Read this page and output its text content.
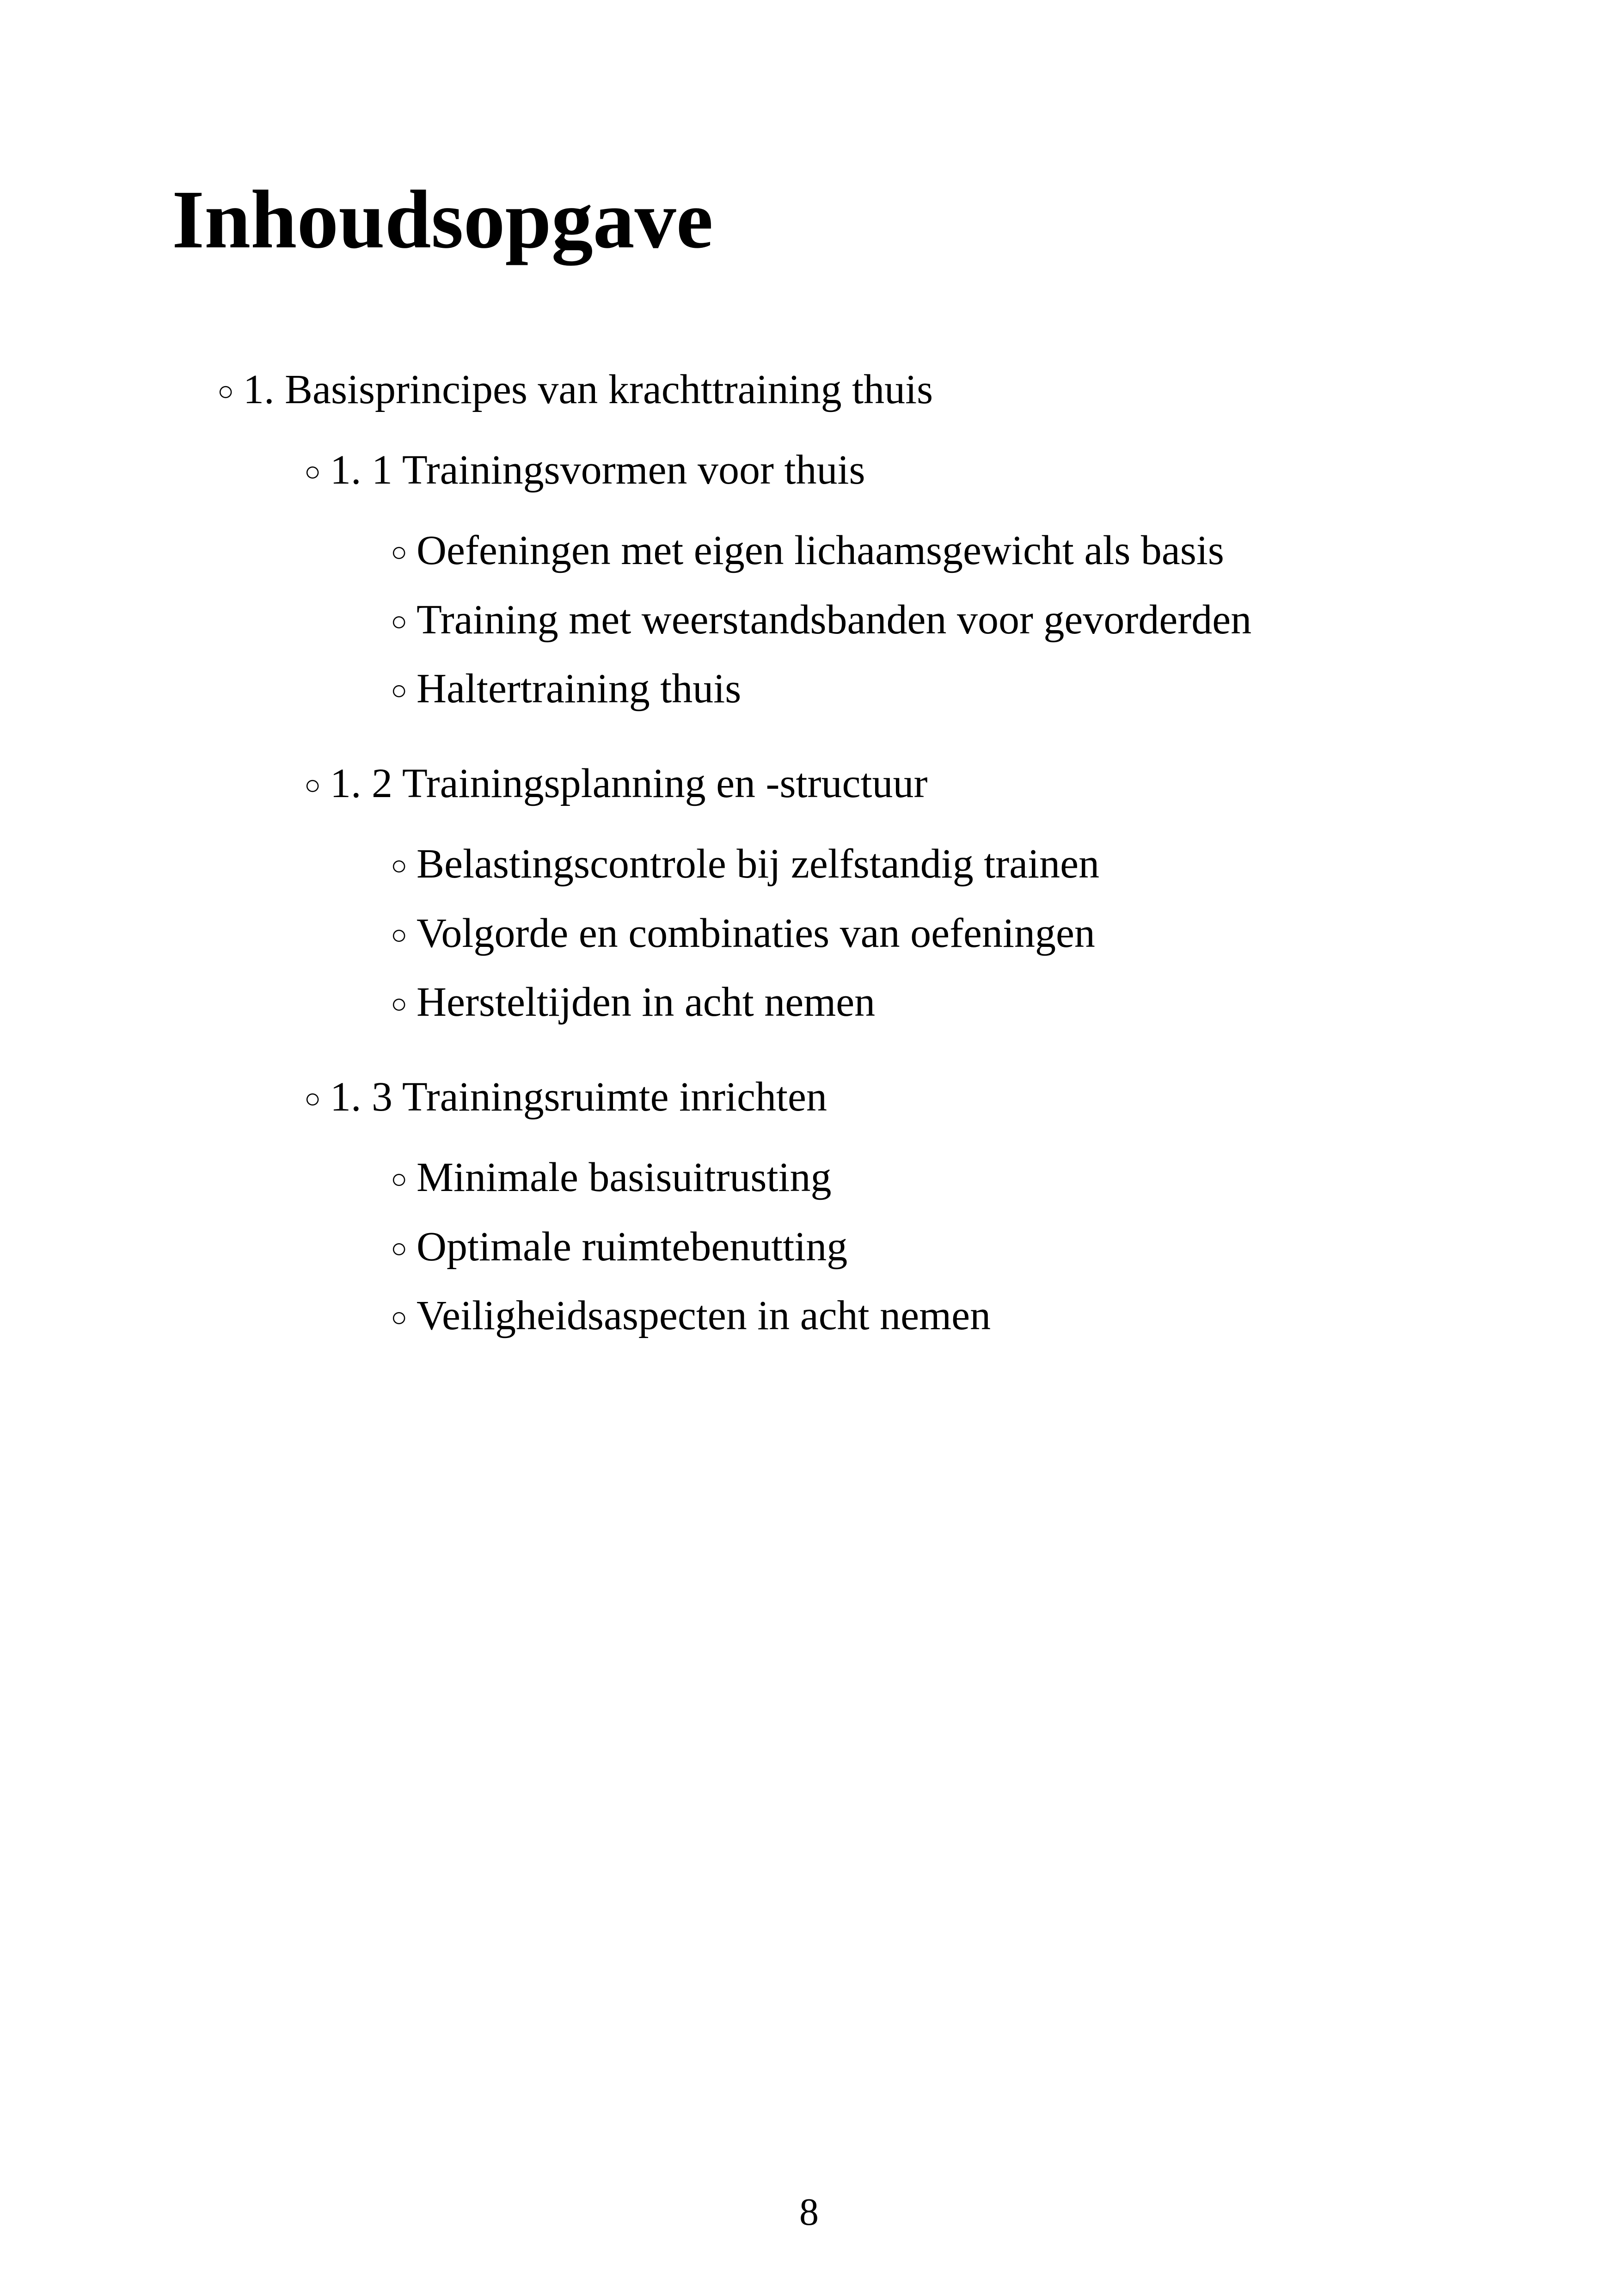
Inhoudsopgave
○ 1. Basisprincipes van krachttraining thuis
○ 1. 1 Trainingsvormen voor thuis
○ Oefeningen met eigen lichaamsgewicht als basis
○ Training met weerstandsbanden voor gevorderden
○ Haltertraining thuis
○ 1. 2 Trainingsplanning en -structuur
○ Belastingscontrole bij zelfstandig trainen
○ Volgorde en combinaties van oefeningen
○ Hersteltijden in acht nemen
○ 1. 3 Trainingsruimte inrichten
○ Minimale basisuitrusting
○ Optimale ruimtebenutting
○ Veiligheidsaspecten in acht nemen
8
